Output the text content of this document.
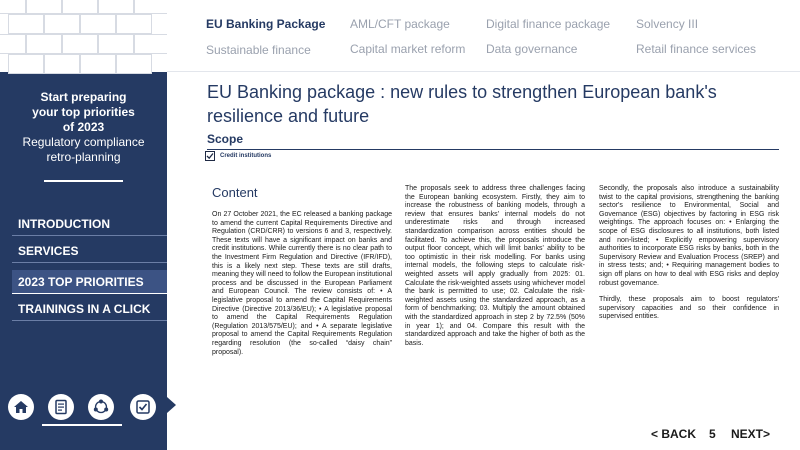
Start preparing
your top priorities
of 2023
Regulatory compliance
retro-planning
INTRODUCTION
SERVICES
2023 TOP PRIORITIES
TRAININGS IN A CLICK
EU Banking Package AML/CFT package	Digital finance package Solvency III
Sustainable finance	Capital market reform Data governance	Retail finance services
EU Banking package : new rules to strengthen European bank's resilience and future
Scope
Credit institutions
Content

On 27 October 2021, the EC released a banking package to amend the current Capital Requirements Directive and Regulation (CRD/CRR) to versions 6 and 3, respectively. These texts will have a significant impact on banks and credit institutions. While currently there is no clear path to the Investment Firm Regulation and Directive (IFR/IFD), this is a likely next step. These texts are still drafts, meaning they will need to follow the European institutional process and be discussed in the European Parliament and European Council. The review consists of: • A legislative proposal to amend the Capital Requirements Directive (Directive 2013/36/EU); • A legislative proposal to amend the Capital Requirements Regulation (Regulation 2013/575/EU); and • A separate legislative proposal to amend the Capital Requirements Regulation regarding resolution (the so-called “daisy chain” proposal).

The proposals seek to address three challenges facing the European banking ecosystem. Firstly, they aim to increase the robustness of banking models, through a review that ensures banks' internal models do not underestimate risks and through increased standardization comparison across entities should be facilitated. To achieve this, the proposals introduce the output floor concept, which will limit banks' ability to be too optimistic in their risk modelling. For banks using internal models, the following steps to calculate risk-weighted assets will apply gradually from 2025: 01. Calculate the risk-weighted assets using whichever model the bank is permitted to use; 02. Calculate the risk-weighted assets using the standardized approach, as a form of benchmarking; 03. Multiply the amount obtained with the standardized approach in step 2 by 72.5% (50% in year 1); and 04. Compare this result with the standardized approach and take the higher of both as the basis.

Secondly, the proposals also introduce a sustainability twist to the capital provisions, strengthening the banking sector's resilience to Environmental, Social and Governance (ESG) objectives by factoring in ESG risk weightings. The approach focuses on: • Enlarging the scope of ESG disclosures to all institutions, both listed and non-listed; • Explicitly empowering supervisory authorities to incorporate ESG risks by banks, both in the Supervisory Review and Evaluation Process (SREP) and in stress tests; and; • Requiring management bodies to sign off plans on how to deal with ESG risks and deploy robust governance.

Thirdly, these proposals aim to boost regulators' supervisory capacities and so their confidence in supervised entities.

< BACK 5 NEXT>
